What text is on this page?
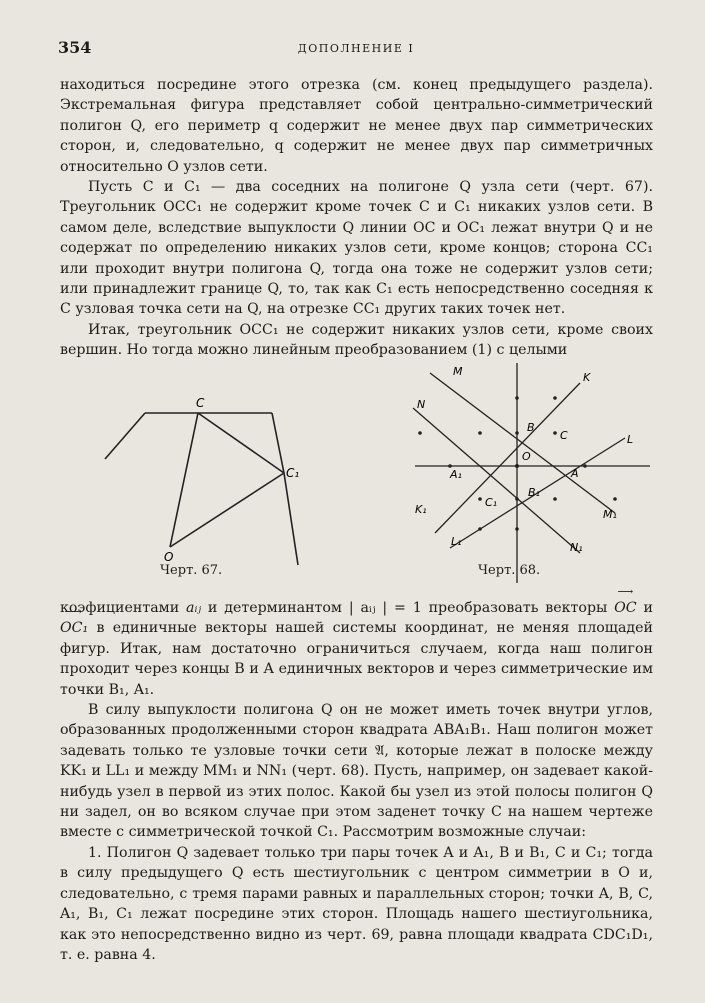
354	ДОПОЛНЕНИЕ I

находиться посредине этого отрезка (см. конец предыдущего раздела). Экстремальная фигура представляет собой центрально-симметрический полигон Q, его периметр q содержит не менее двух пар симметрических сторон, и, следовательно, q содержит не менее двух пар симметричных относительно O узлов сети.

Пусть C и C₁ — два соседних на полигоне Q узла сети (черт. 67). Треугольник OCC₁ не содержит кроме точек C и C₁ никаких узлов сети. В самом деле, вследствие выпуклости Q линии OC и OC₁ лежат внутри Q и не содержат по определению никаких узлов сети, кроме концов; сторона CC₁ или проходит внутри полигона Q, тогда она тоже не содержит узлов сети; или принадлежит границе Q, то, так как C₁ есть непосредственно соседняя к C узловая точка сети на Q, на отрезке CC₁ других таких точек нет.

Итак, треугольник OCC₁ не содержит никаких узлов сети, кроме своих вершин. Но тогда можно линейным преобразованием (1) с целыми

C
C₁
O
Черт. 67.
M	K
N
L
B
C
O
A₁	A
B₁
C₁
K₁	M₁
L₁	N₁
Черт. 68.

коэфициентами aᵢⱼ и детерминантом | aᵢⱼ | = 1 преобразовать векторы ⟶ OC и ⟶ OC₁ в единичные векторы нашей системы координат, не меняя площадей фигур. Итак, нам достаточно ограничиться случаем, когда наш полигон проходит через концы B и A единичных векторов и через симметрические им точки B₁, A₁.

В силу выпуклости полигона Q он не может иметь точек внутри углов, образованных продолженными сторон квадрата ABA₁B₁. Наш полигон может задевать только те узловые точки сети 𝔄, которые лежат в полоске между KK₁ и LL₁ и между MM₁ и NN₁ (черт. 68). Пусть, например, он задевает какой-нибудь узел в первой из этих полос. Какой бы узел из этой полосы полигон Q ни задел, он во всяком случае при этом заденет точку C на нашем чертеже вместе с симметрической точкой C₁. Рассмотрим возможные случаи:

1. Полигон Q задевает только три пары точек A и A₁, B и B₁, C и C₁; тогда в силу предыдущего Q есть шестиугольник с центром симметрии в O и, следовательно, с тремя парами равных и параллельных сторон; точки A, B, C, A₁, B₁, C₁ лежат посредине этих сторон. Площадь нашего шестиугольника, как это непосредственно видно из черт. 69, равна площади квадрата CDC₁D₁, т. е. равна 4.
